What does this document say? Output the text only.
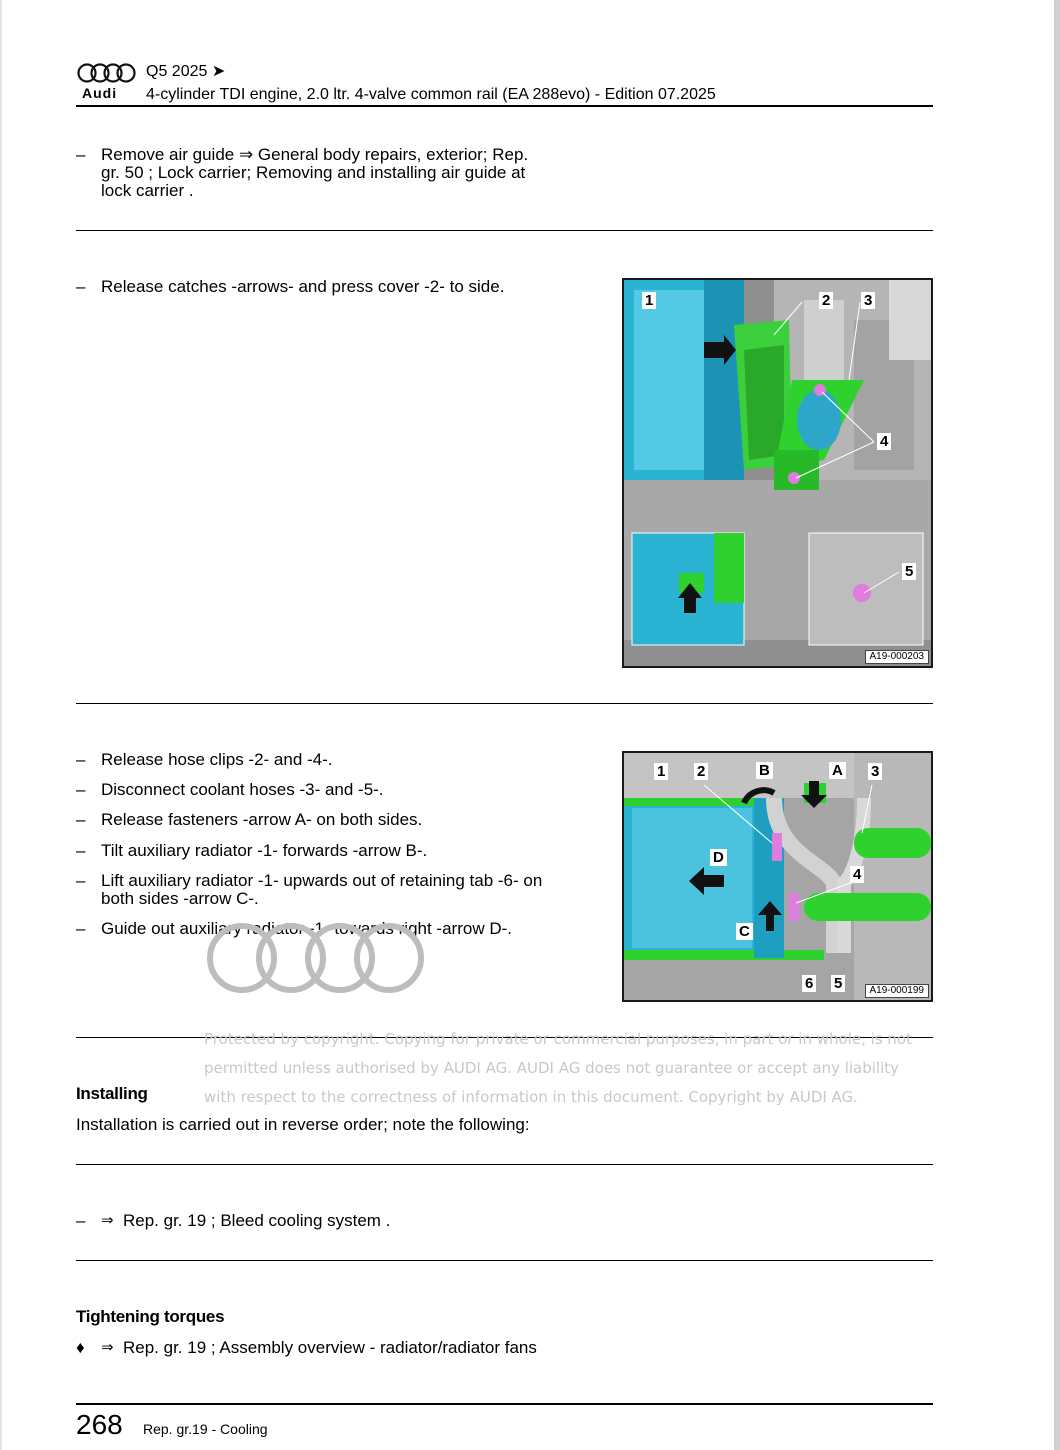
Audi
Q5 2025 ➤
4-cylinder TDI engine, 2.0 ltr. 4-valve common rail (EA 288evo) - Edition 07.2025
– Remove air guide ⇒ General body repairs, exterior; Rep.
gr. 50 ; Lock carrier; Removing and installing air guide at
lock carrier .
– Release catches -arrows- and press cover -2- to side.
A19-000203
1	2 3
4
5
– Release hose clips -2- and -4-.
– Disconnect coolant hoses -3- and -5-.
– Release fasteners -arrow A- on both sides.
– Tilt auxiliary radiator -1- forwards -arrow B-.
– Lift auxiliary radiator -1- upwards out of retaining tab -6- on
both sides -arrow C-.
– Guide out auxiliary radiator -1- towards right -arrow D-.
A19-000199
1 2	B	A 3
D
4
C
6 5
Protected by copyright. Copying for private or commercial purposes, in part or in whole, is not
permitted unless authorised by AUDI AG. AUDI AG does not guarantee or accept any liability
with respect to the correctness of information in this document. Copyright by AUDI AG.
Installing
Installation is carried out in reverse order; note the following:
– ⇒ Rep. gr. 19 ; Bleed cooling system .
Tightening torques
♦ ⇒ Rep. gr. 19 ; Assembly overview - radiator/radiator fans
268 Rep. gr.19 - Cooling
